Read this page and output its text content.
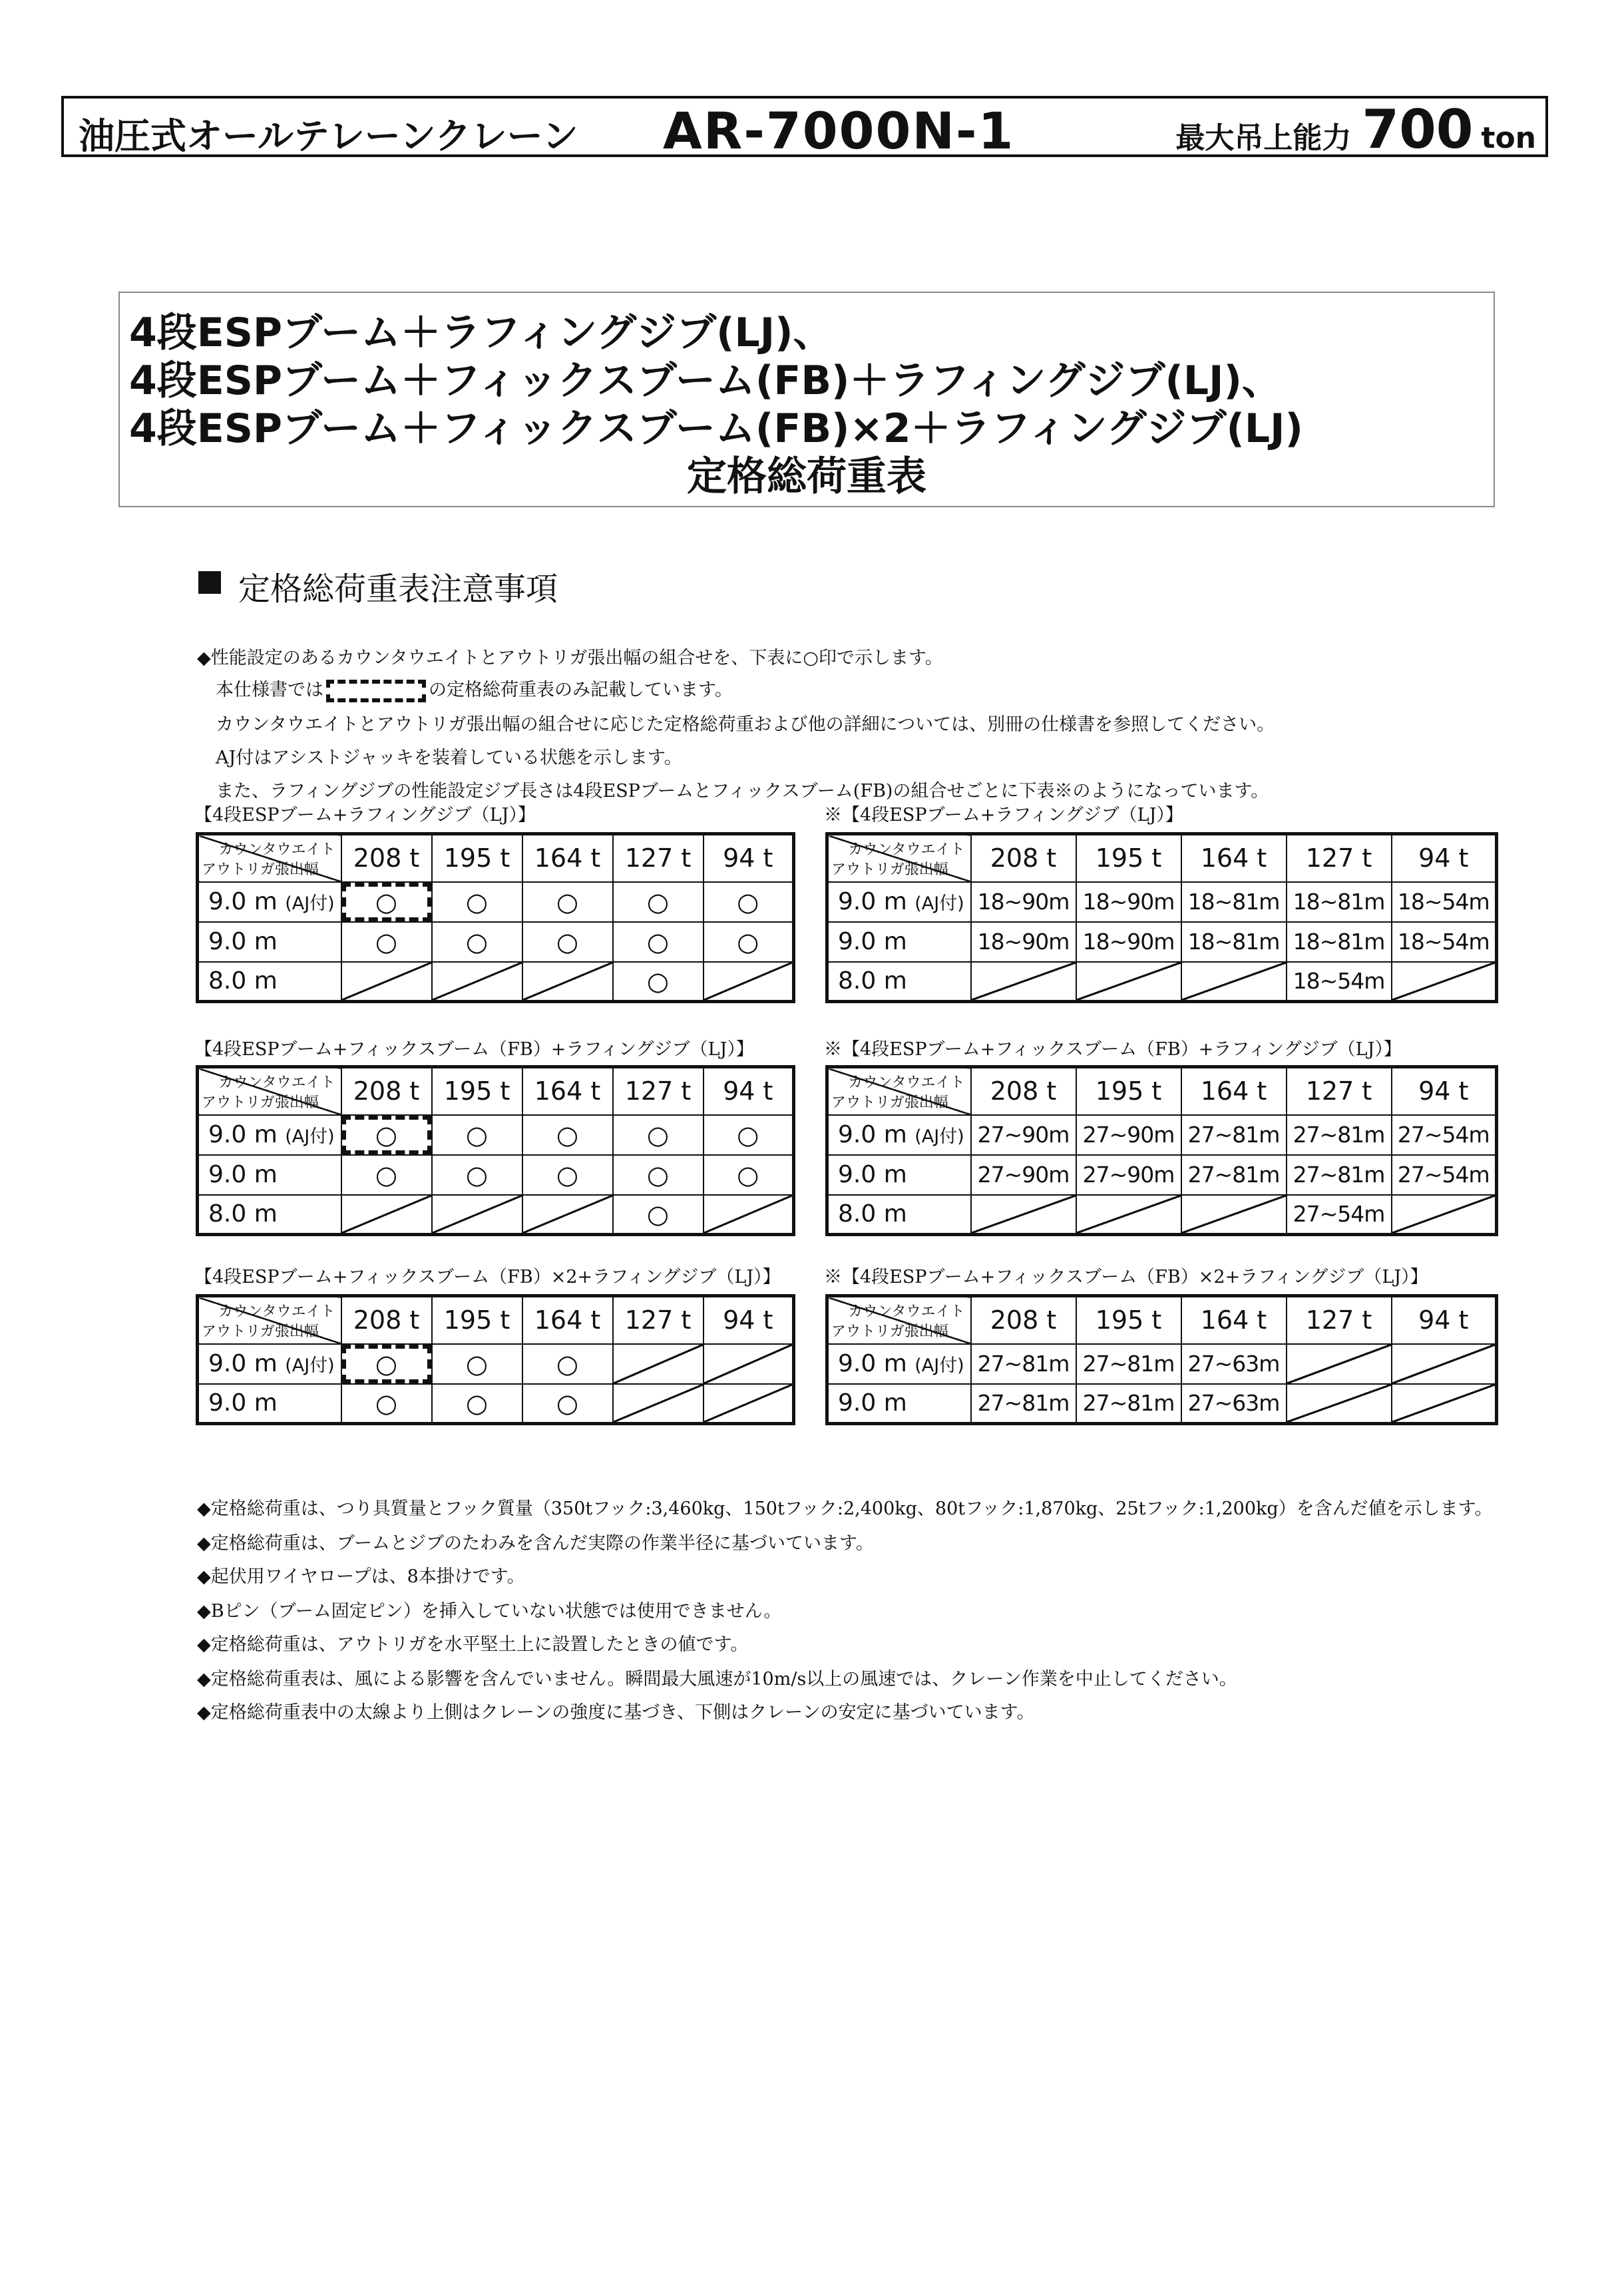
油圧式オールテレーンクレーン AR-7000N-1	最大吊上能力 700 ton
4段ESPブーム＋ラフィングジブ(LJ)、
4段ESPブーム＋フィックスブーム(FB)＋ラフィングジブ(LJ)、
4段ESPブーム＋フィックスブーム(FB)×2＋ラフィングジブ(LJ)
定格総荷重表
定格総荷重表注意事項
◆性能設定のあるカウンタウエイトとアウトリガ張出幅の組合せを、下表に○印で示します。
本仕様書では	の定格総荷重表のみ記載しています。
カウンタウエイトとアウトリガ張出幅の組合せに応じた定格総荷重および他の詳細については、別冊の仕様書を参照してください。
AJ付はアシストジャッキを装着している状態を示します。
また、ラフィングジブの性能設定ジブ長さは4段ESPブームとフィックスブーム(FB)の組合せごとに下表※のようになっています。
【4段ESPブーム+ラフィングジブ（LJ）】
カウンタウエイト
アウトリガ張出幅	208 t	195 t	164 t	127 t	94 t
9.0 m (AJ付)	○	○	○	○	○
9.0 m	○	○	○	○	○
8.0 m				○	
【4段ESPブーム+フィックスブーム（FB）+ラフィングジブ（LJ）】
カウンタウエイト
アウトリガ張出幅	208 t	195 t	164 t	127 t	94 t
9.0 m (AJ付)	○	○	○	○	○
9.0 m	○	○	○	○	○
8.0 m				○	
【4段ESPブーム+フィックスブーム（FB）×2+ラフィングジブ（LJ）】
カウンタウエイト
アウトリガ張出幅	208 t	195 t	164 t	127 t	94 t
9.0 m (AJ付)	○	○	○		
9.0 m	○	○	○		
※【4段ESPブーム+ラフィングジブ（LJ）】
カウンタウエイト
アウトリガ張出幅	208 t	195 t	164 t	127 t	94 t
9.0 m (AJ付)	18~90m	18~90m	18~81m	18~81m	18~54m
9.0 m	18~90m	18~90m	18~81m	18~81m	18~54m
8.0 m				18~54m	
※【4段ESPブーム+フィックスブーム（FB）+ラフィングジブ（LJ）】
カウンタウエイト
アウトリガ張出幅	208 t	195 t	164 t	127 t	94 t
9.0 m (AJ付)	27~90m	27~90m	27~81m	27~81m	27~54m
9.0 m	27~90m	27~90m	27~81m	27~81m	27~54m
8.0 m				27~54m	
※【4段ESPブーム+フィックスブーム（FB）×2+ラフィングジブ（LJ）】
カウンタウエイト
アウトリガ張出幅	208 t	195 t	164 t	127 t	94 t
9.0 m (AJ付)	27~81m	27~81m	27~63m		
9.0 m	27~81m	27~81m	27~63m		
◆定格総荷重は、つり具質量とフック質量（350tフック:3,460kg、150tフック:2,400kg、80tフック:1,870kg、25tフック:1,200kg）を含んだ値を示します。
◆定格総荷重は、ブームとジブのたわみを含んだ実際の作業半径に基づいています。
◆起伏用ワイヤロープは、8本掛けです。
◆Bピン（ブーム固定ピン）を挿入していない状態では使用できません。
◆定格総荷重は、アウトリガを水平堅土上に設置したときの値です。
◆定格総荷重表は、風による影響を含んでいません。瞬間最大風速が10m/s以上の風速では、クレーン作業を中止してください。
◆定格総荷重表中の太線より上側はクレーンの強度に基づき、下側はクレーンの安定に基づいています。
